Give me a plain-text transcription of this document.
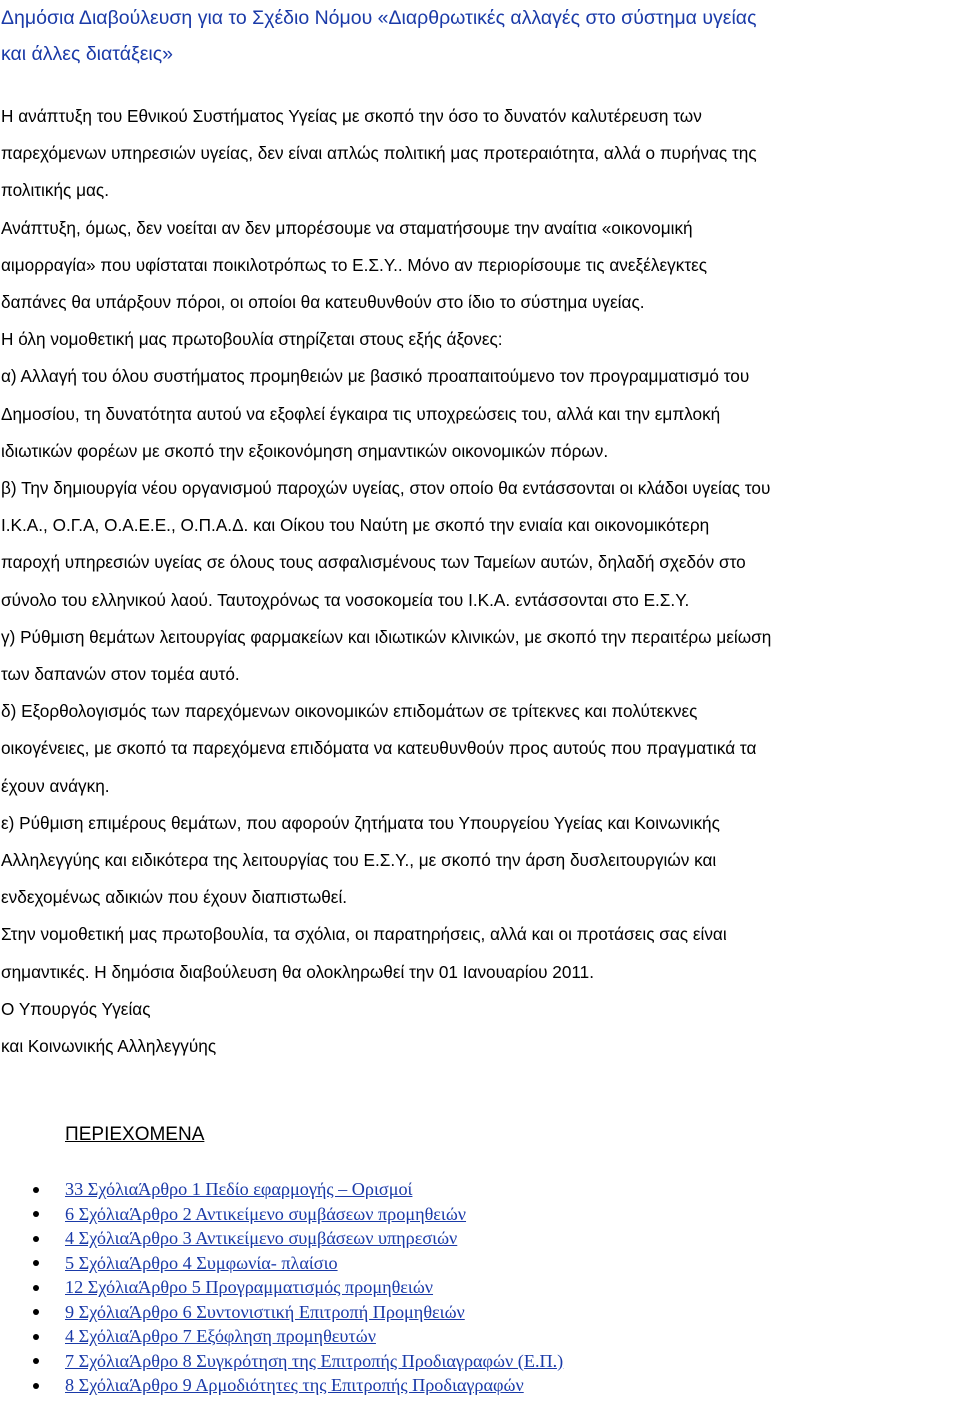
Δημόσια Διαβούλευση για το Σχέδιο Νόμου «Διαρθρωτικές αλλαγές στο σύστημα υγείας

και άλλες διατάξεις»

Η ανάπτυξη του Εθνικού Συστήματος Υγείας με σκοπό την όσο το δυνατόν καλυτέρευση των

παρεχόμενων υπηρεσιών υγείας, δεν είναι απλώς πολιτική μας προτεραιότητα, αλλά ο πυρήνας της

πολιτικής μας.

Ανάπτυξη, όμως, δεν νοείται αν δεν μπορέσουμε να σταματήσουμε την αναίτια «οικονομική

αιμορραγία» που υφίσταται ποικιλοτρόπως το Ε.Σ.Υ.. Μόνο αν περιορίσουμε τις ανεξέλεγκτες

δαπάνες θα υπάρξουν πόροι, οι οποίοι θα κατευθυνθούν στο ίδιο το σύστημα υγείας.

Η όλη νομοθετική μας πρωτοβουλία στηρίζεται στους εξής άξονες:

α) Αλλαγή του όλου συστήματος προμηθειών με βασικό προαπαιτούμενο τον προγραμματισμό του

Δημοσίου, τη δυνατότητα αυτού να εξοφλεί έγκαιρα τις υποχρεώσεις του, αλλά και την εμπλοκή

ιδιωτικών φορέων με σκοπό την εξοικονόμηση σημαντικών οικονομικών πόρων.

β) Την δημιουργία νέου οργανισμού παροχών υγείας, στον οποίο θα εντάσσονται οι κλάδοι υγείας του

Ι.Κ.Α., Ο.Γ.Α, Ο.Α.Ε.Ε., Ο.Π.Α.Δ. και Οίκου του Ναύτη με σκοπό την ενιαία και οικονομικότερη

παροχή υπηρεσιών υγείας σε όλους τους ασφαλισμένους των Ταμείων αυτών, δηλαδή σχεδόν στο

σύνολο του ελληνικού λαού. Ταυτοχρόνως τα νοσοκομεία του Ι.Κ.Α. εντάσσονται στο Ε.Σ.Υ.

γ) Ρύθμιση θεμάτων λειτουργίας φαρμακείων και ιδιωτικών κλινικών, με σκοπό την περαιτέρω μείωση

των δαπανών στον τομέα αυτό.

δ) Εξορθολογισμός των παρεχόμενων οικονομικών επιδομάτων σε τρίτεκνες και πολύτεκνες

οικογένειες, με σκοπό τα παρεχόμενα επιδόματα να κατευθυνθούν προς αυτούς που πραγματικά τα

έχουν ανάγκη.

ε) Ρύθμιση επιμέρους θεμάτων, που αφορούν ζητήματα του Υπουργείου Υγείας και Κοινωνικής

Αλληλεγγύης και ειδικότερα της λειτουργίας του Ε.Σ.Υ., με σκοπό την άρση δυσλειτουργιών και

ενδεχομένως αδικιών που έχουν διαπιστωθεί.

Στην νομοθετική μας πρωτοβουλία, τα σχόλια, οι παρατηρήσεις, αλλά και οι προτάσεις σας είναι

σημαντικές. Η δημόσια διαβούλευση θα ολοκληρωθεί την 01 Ιανουαρίου 2011.

Ο Υπουργός Υγείας

και Κοινωνικής Αλληλεγγύης

ΠΕΡΙΕΧΟΜΕΝΑ

33 ΣχόλιαΆρθρο 1 Πεδίο εφαρμογής – Ορισμοί
6 ΣχόλιαΆρθρο 2 Αντικείμενο συμβάσεων προμηθειών
4 ΣχόλιαΆρθρο 3 Αντικείμενο συμβάσεων υπηρεσιών
5 ΣχόλιαΆρθρο 4 Συμφωνία- πλαίσιο
12 ΣχόλιαΆρθρο 5 Προγραμματισμός προμηθειών
9 ΣχόλιαΆρθρο 6 Συντονιστική Επιτροπή Προμηθειών
4 ΣχόλιαΆρθρο 7 Εξόφληση προμηθευτών
7 ΣχόλιαΆρθρο 8 Συγκρότηση της Επιτροπής Προδιαγραφών (Ε.Π.)
8 ΣχόλιαΆρθρο 9 Αρμοδιότητες της Επιτροπής Προδιαγραφών
